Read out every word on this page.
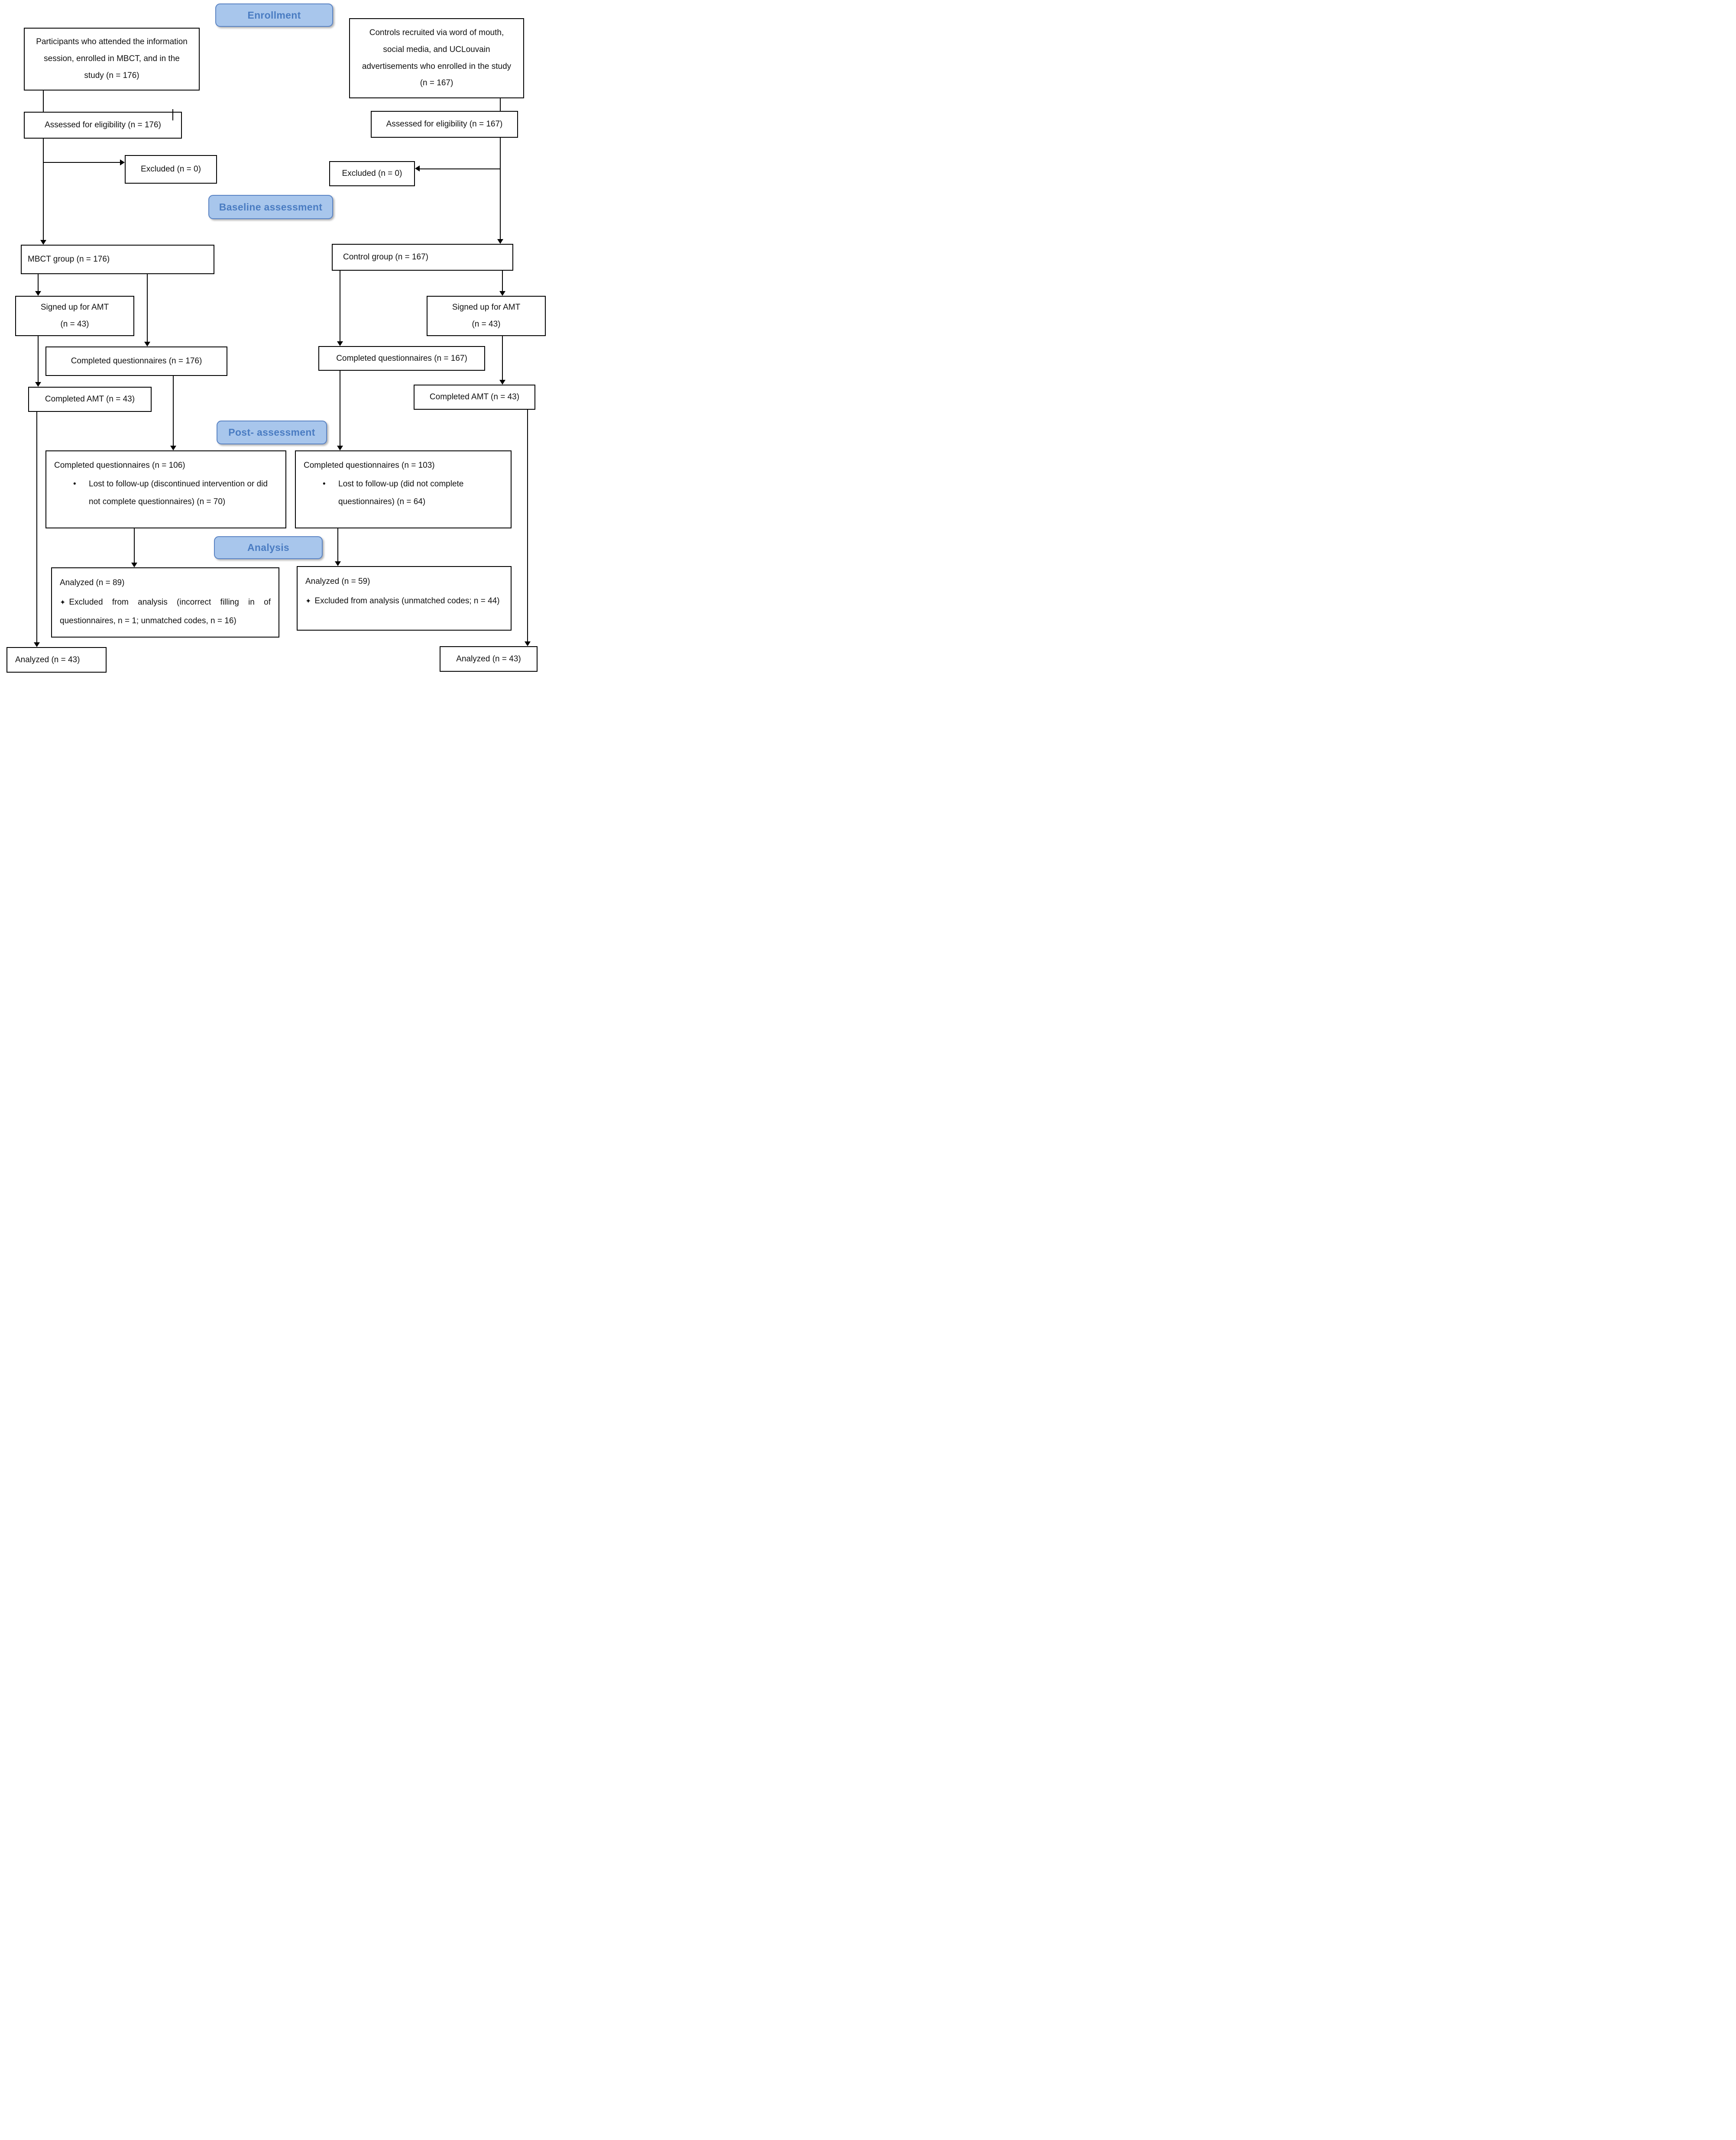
Enrollment
Baseline assessment
Post- assessment
Analysis
Participants who attended the information session, enrolled in MBCT, and in the study (n = 176)
Assessed for eligibility (n = 176)
Excluded (n = 0)
MBCT group (n = 176)
Signed up for AMT
(n = 43)
Completed questionnaires (n = 176)
Completed AMT (n = 43)
Completed questionnaires (n = 106)
•	Lost to follow-up (discontinued intervention or did not complete questionnaires) (n = 70)
Analyzed (n = 89)

✦ Excluded from analysis (incorrect filling in of questionnaires, n = 1; unmatched codes, n = 16)

Analyzed (n = 43)
Controls recruited via word of mouth, social media, and UCLouvain advertisements who enrolled in the study (n = 167)
Assessed for eligibility (n = 167)
Excluded (n = 0)
Control group (n = 167)
Signed up for AMT
(n = 43)
Completed questionnaires (n = 167)
Completed AMT (n = 43)
Completed questionnaires (n = 103)
•	Lost to follow-up (did not complete questionnaires) (n = 64)
Analyzed (n = 59)

✦ Excluded from analysis (unmatched codes; n = 44)

Analyzed (n = 43)
